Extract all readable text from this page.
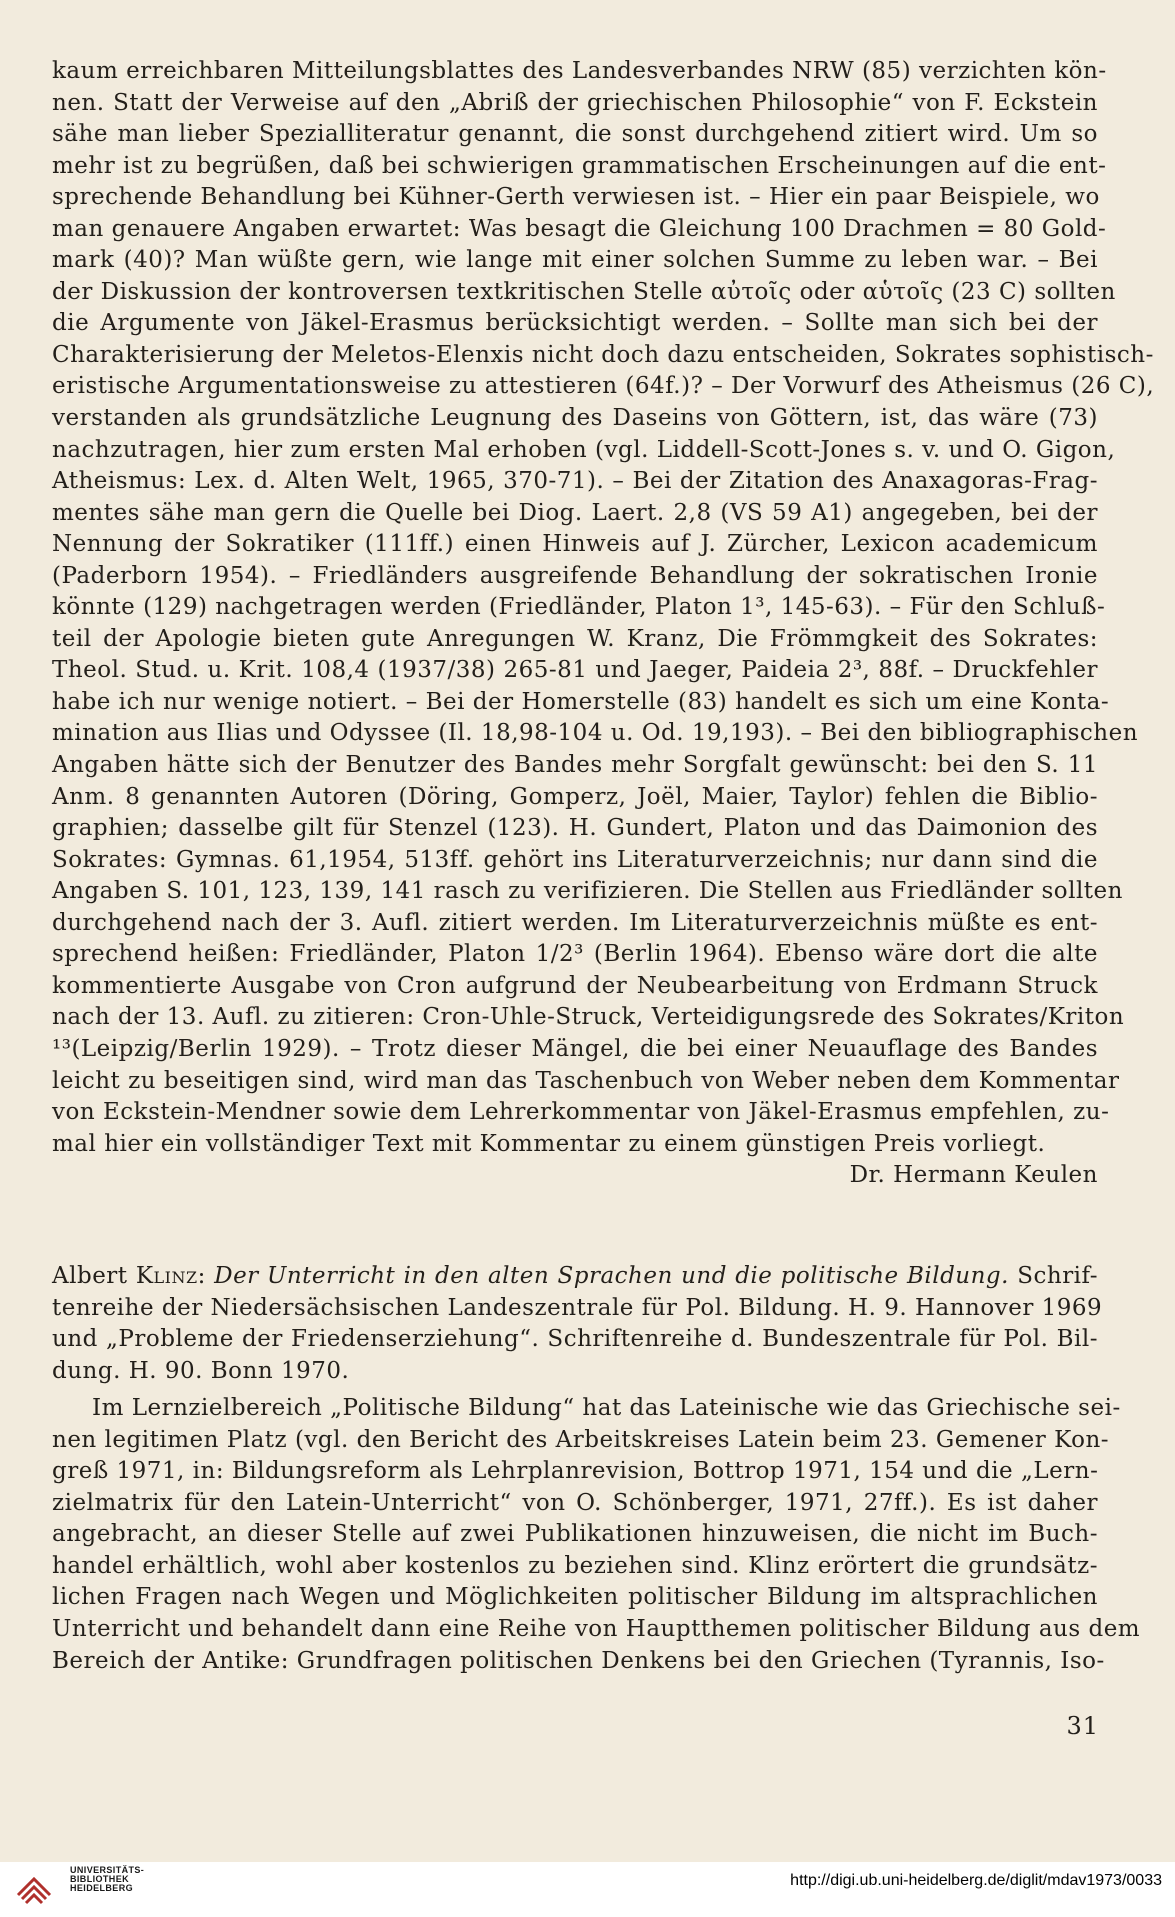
kaum erreichbaren Mitteilungsblattes des Landesverbandes NRW (85) verzichten kön-
nen. Statt der Verweise auf den „Abriß der griechischen Philosophie“ von F. Eckstein
sähe man lieber Spezialliteratur genannt, die sonst durchgehend zitiert wird. Um so
mehr ist zu begrüßen, daß bei schwierigen grammatischen Erscheinungen auf die ent-
sprechende Behandlung bei Kühner-Gerth verwiesen ist. – Hier ein paar Beispiele, wo
man genauere Angaben erwartet: Was besagt die Gleichung 100 Drachmen = 80 Gold-
mark (40)? Man wüßte gern, wie lange mit einer solchen Summe zu leben war. – Bei
der Diskussion der kontroversen textkritischen Stelle αὐτοῖς oder αὑτοῖς (23 C) sollten
die Argumente von Jäkel-Erasmus berücksichtigt werden. – Sollte man sich bei der
Charakterisierung der Meletos-Elenxis nicht doch dazu entscheiden, Sokrates sophistisch-
eristische Argumentationsweise zu attestieren (64f.)? – Der Vorwurf des Atheismus (26 C),
verstanden als grundsätzliche Leugnung des Daseins von Göttern, ist, das wäre (73)
nachzutragen, hier zum ersten Mal erhoben (vgl. Liddell-Scott-Jones s. v. und O. Gigon,
Atheismus: Lex. d. Alten Welt, 1965, 370-71). – Bei der Zitation des Anaxagoras-Frag-
mentes sähe man gern die Quelle bei Diog. Laert. 2,8 (VS 59 A1) angegeben, bei der
Nennung der Sokratiker (111ff.) einen Hinweis auf J. Zürcher, Lexicon academicum
(Paderborn 1954). – Friedländers ausgreifende Behandlung der sokratischen Ironie
könnte (129) nachgetragen werden (Friedländer, Platon 1³, 145-63). – Für den Schluß-
teil der Apologie bieten gute Anregungen W. Kranz, Die Frömmgkeit des Sokrates:
Theol. Stud. u. Krit. 108,4 (1937/38) 265-81 und Jaeger, Paideia 2³, 88f. – Druckfehler
habe ich nur wenige notiert. – Bei der Homerstelle (83) handelt es sich um eine Konta-
mination aus Ilias und Odyssee (Il. 18,98-104 u. Od. 19,193). – Bei den bibliographischen
Angaben hätte sich der Benutzer des Bandes mehr Sorgfalt gewünscht: bei den S. 11
Anm. 8 genannten Autoren (Döring, Gomperz, Joël, Maier, Taylor) fehlen die Biblio-
graphien; dasselbe gilt für Stenzel (123). H. Gundert, Platon und das Daimonion des
Sokrates: Gymnas. 61,1954, 513ff. gehört ins Literaturverzeichnis; nur dann sind die
Angaben S. 101, 123, 139, 141 rasch zu verifizieren. Die Stellen aus Friedländer sollten
durchgehend nach der 3. Aufl. zitiert werden. Im Literaturverzeichnis müßte es ent-
sprechend heißen: Friedländer, Platon 1/2³ (Berlin 1964). Ebenso wäre dort die alte
kommentierte Ausgabe von Cron aufgrund der Neubearbeitung von Erdmann Struck
nach der 13. Aufl. zu zitieren: Cron-Uhle-Struck, Verteidigungsrede des Sokrates/Kriton
¹³(Leipzig/Berlin 1929). – Trotz dieser Mängel, die bei einer Neuauflage des Bandes
leicht zu beseitigen sind, wird man das Taschenbuch von Weber neben dem Kommentar
von Eckstein-Mendner sowie dem Lehrerkommentar von Jäkel-Erasmus empfehlen, zu-
mal hier ein vollständiger Text mit Kommentar zu einem günstigen Preis vorliegt.
Dr. Hermann Keulen
Albert Klinz: Der Unterricht in den alten Sprachen und die politische Bildung. Schrif-
tenreihe der Niedersächsischen Landeszentrale für Pol. Bildung. H. 9. Hannover 1969
und „Probleme der Friedenserziehung“. Schriftenreihe d. Bundeszentrale für Pol. Bil-
dung. H. 90. Bonn 1970.
Im Lernzielbereich „Politische Bildung“ hat das Lateinische wie das Griechische sei-
nen legitimen Platz (vgl. den Bericht des Arbeitskreises Latein beim 23. Gemener Kon-
greß 1971, in: Bildungsreform als Lehrplanrevision, Bottrop 1971, 154 und die „Lern-
zielmatrix für den Latein-Unterricht“ von O. Schönberger, 1971, 27ff.). Es ist daher
angebracht, an dieser Stelle auf zwei Publikationen hinzuweisen, die nicht im Buch-
handel erhältlich, wohl aber kostenlos zu beziehen sind. Klinz erörtert die grundsätz-
lichen Fragen nach Wegen und Möglichkeiten politischer Bildung im altsprachlichen
Unterricht und behandelt dann eine Reihe von Hauptthemen politischer Bildung aus dem
Bereich der Antike: Grundfragen politischen Denkens bei den Griechen (Tyrannis, Iso-
31
UNIVERSITÄTS-
BIBLIOTHEK
HEIDELBERG	http://digi.ub.uni-heidelberg.de/diglit/mdav1973/0033
